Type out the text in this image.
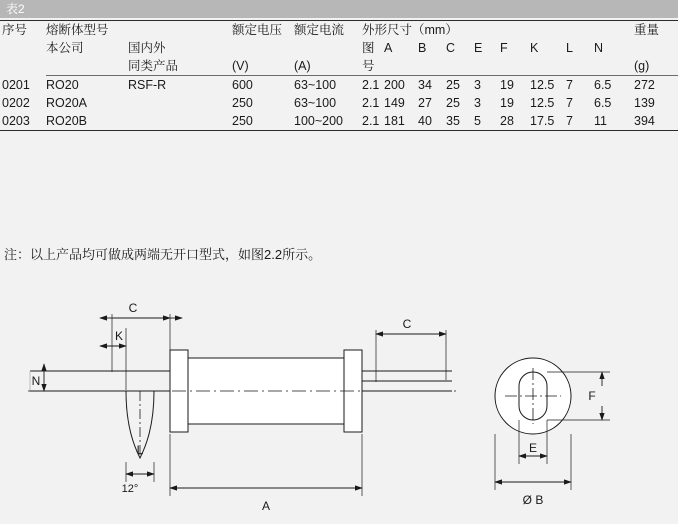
表2
序号	熔断体型号			额定电压	额定电流	外形尺寸（mm）									重量
	本公司	国内外				图	A	B	C	E	F	K	L	N	
		同类产品		(V)	(A)	号									(g)
0201	RO20	RSF-R		600	63~100	2.1	200	34	25	3	19	12.5	7	6.5	272
0202	RO20A			250	63~100	2.1	149	27	25	3	19	12.5	7	6.5	139
0203	RO20B			250	100~200	2.1	181	40	35	5	28	17.5	7	11	394
注：以上产品均可做成两端无开口型式，如图2.2所示。
C
K
N
C
L
12°
A
F
E
Ø B
